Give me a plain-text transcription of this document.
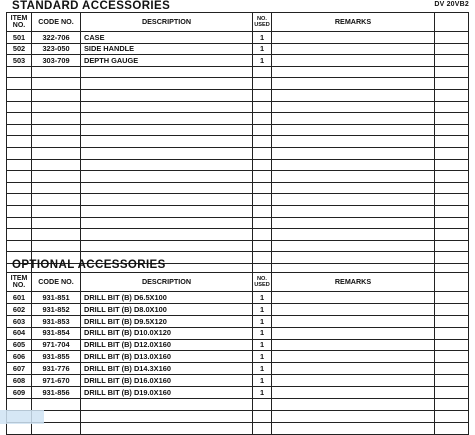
STANDARD ACCESSORIES	DV 20VB2
ITEM NO.	CODE NO.	DESCRIPTION	NO. USED	REMARKS	
501	322-706	CASE	1		
502	323-050	SIDE HANDLE	1		
503	303-709	DEPTH GAUGE	1		

OPTIONAL ACCESSORIES
ITEM NO.	CODE NO.	DESCRIPTION	NO. USED	REMARKS	
601	931-851	DRILL BIT (B) D6.5X100	1		
602	931-852	DRILL BIT (B) D8.0X100	1		
603	931-853	DRILL BIT (B) D9.5X120	1		
604	931-854	DRILL BIT (B) D10.0X120	1		
605	971-704	DRILL BIT (B) D12.0X160	1		
606	931-855	DRILL BIT (B) D13.0X160	1		
607	931-776	DRILL BIT (B) D14.3X160	1		
608	971-670	DRILL BIT (B) D16.0X160	1		
609	931-856	DRILL BIT (B) D19.0X160	1		
